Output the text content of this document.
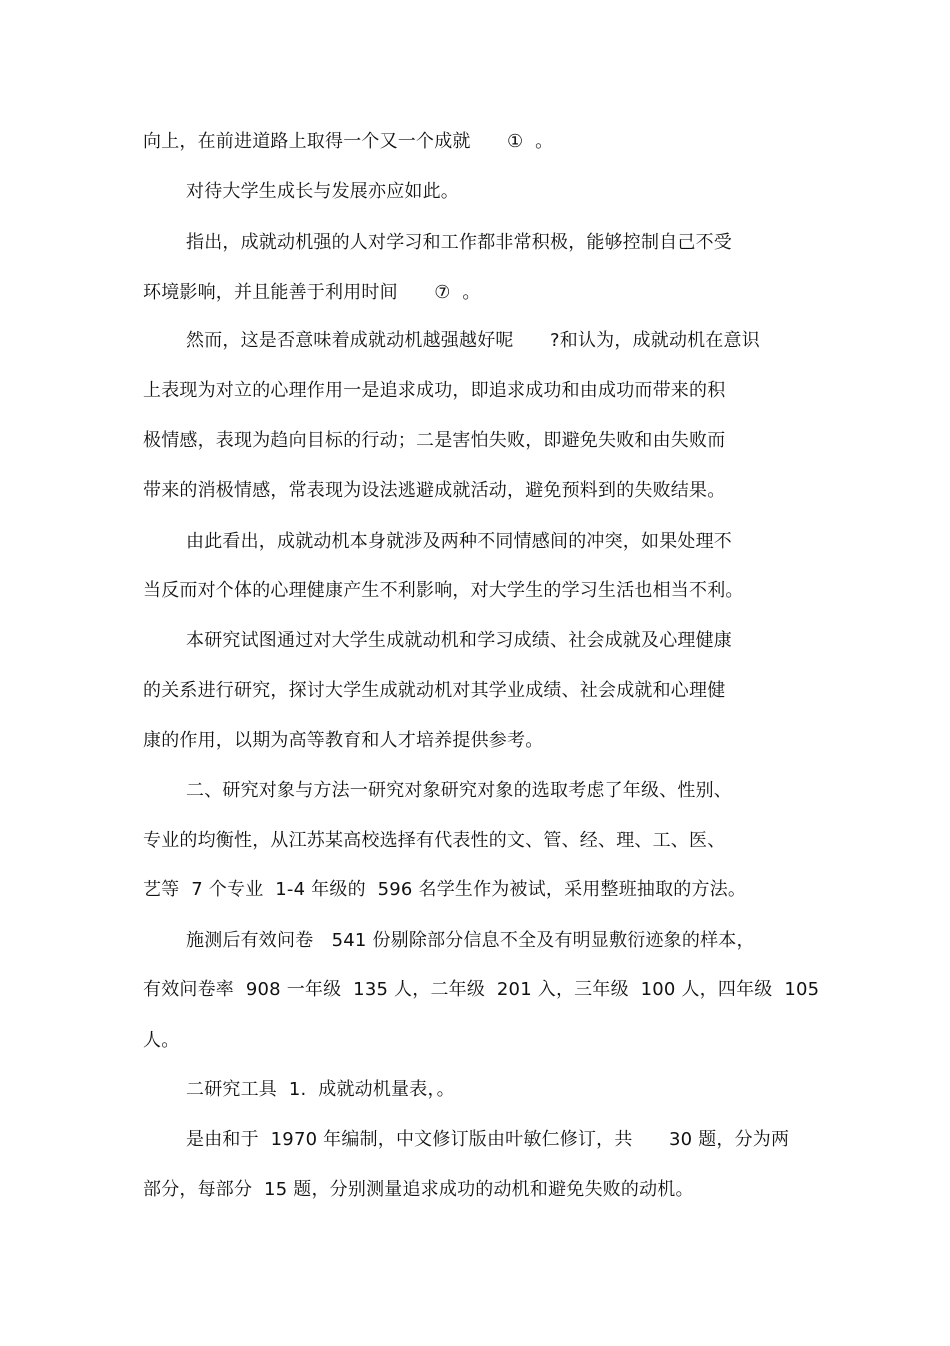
向上，在前进道路上取得一个又一个成就　　①  。
对待大学生成长与发展亦应如此。
指出，成就动机强的人对学习和工作都非常积极，能够控制自己不受
环境影响，并且能善于利用时间　　⑦  。
然而，这是否意味着成就动机越强越好呢　　?和认为，成就动机在意识
上表现为对立的心理作用一是追求成功，即追求成功和由成功而带来的积
极情感，表现为趋向目标的行动；二是害怕失败，即避免失败和由失败而
带来的消极情感，常表现为设法逃避成就活动，避免预料到的失败结果。
由此看出，成就动机本身就涉及两种不同情感间的冲突，如果处理不
当反而对个体的心理健康产生不利影响，对大学生的学习生活也相当不利。
本研究试图通过对大学生成就动机和学习成绩、社会成就及心理健康
的关系进行研究，探讨大学生成就动机对其学业成绩、社会成就和心理健
康的作用，以期为高等教育和人才培养提供参考。
二、研究对象与方法一研究对象研究对象的选取考虑了年级、性别、
专业的均衡性，从江苏某高校选择有代表性的文、管、经、理、工、医、
艺等  7 个专业  1-4 年级的  596 名学生作为被试，采用整班抽取的方法。
施测后有效问卷　541 份剔除部分信息不全及有明显敷衍迹象的样本，
有效问卷率  908 一年级  135 人，二年级  201 入，三年级  100 人，四年级  105
人。
二研究工具  1.  成就动机量表，。
是由和于  1970 年编制，中文修订版由叶敏仁修订，共　　30 题，分为两
部分，每部分  15 题，分别测量追求成功的动机和避免失败的动机。
